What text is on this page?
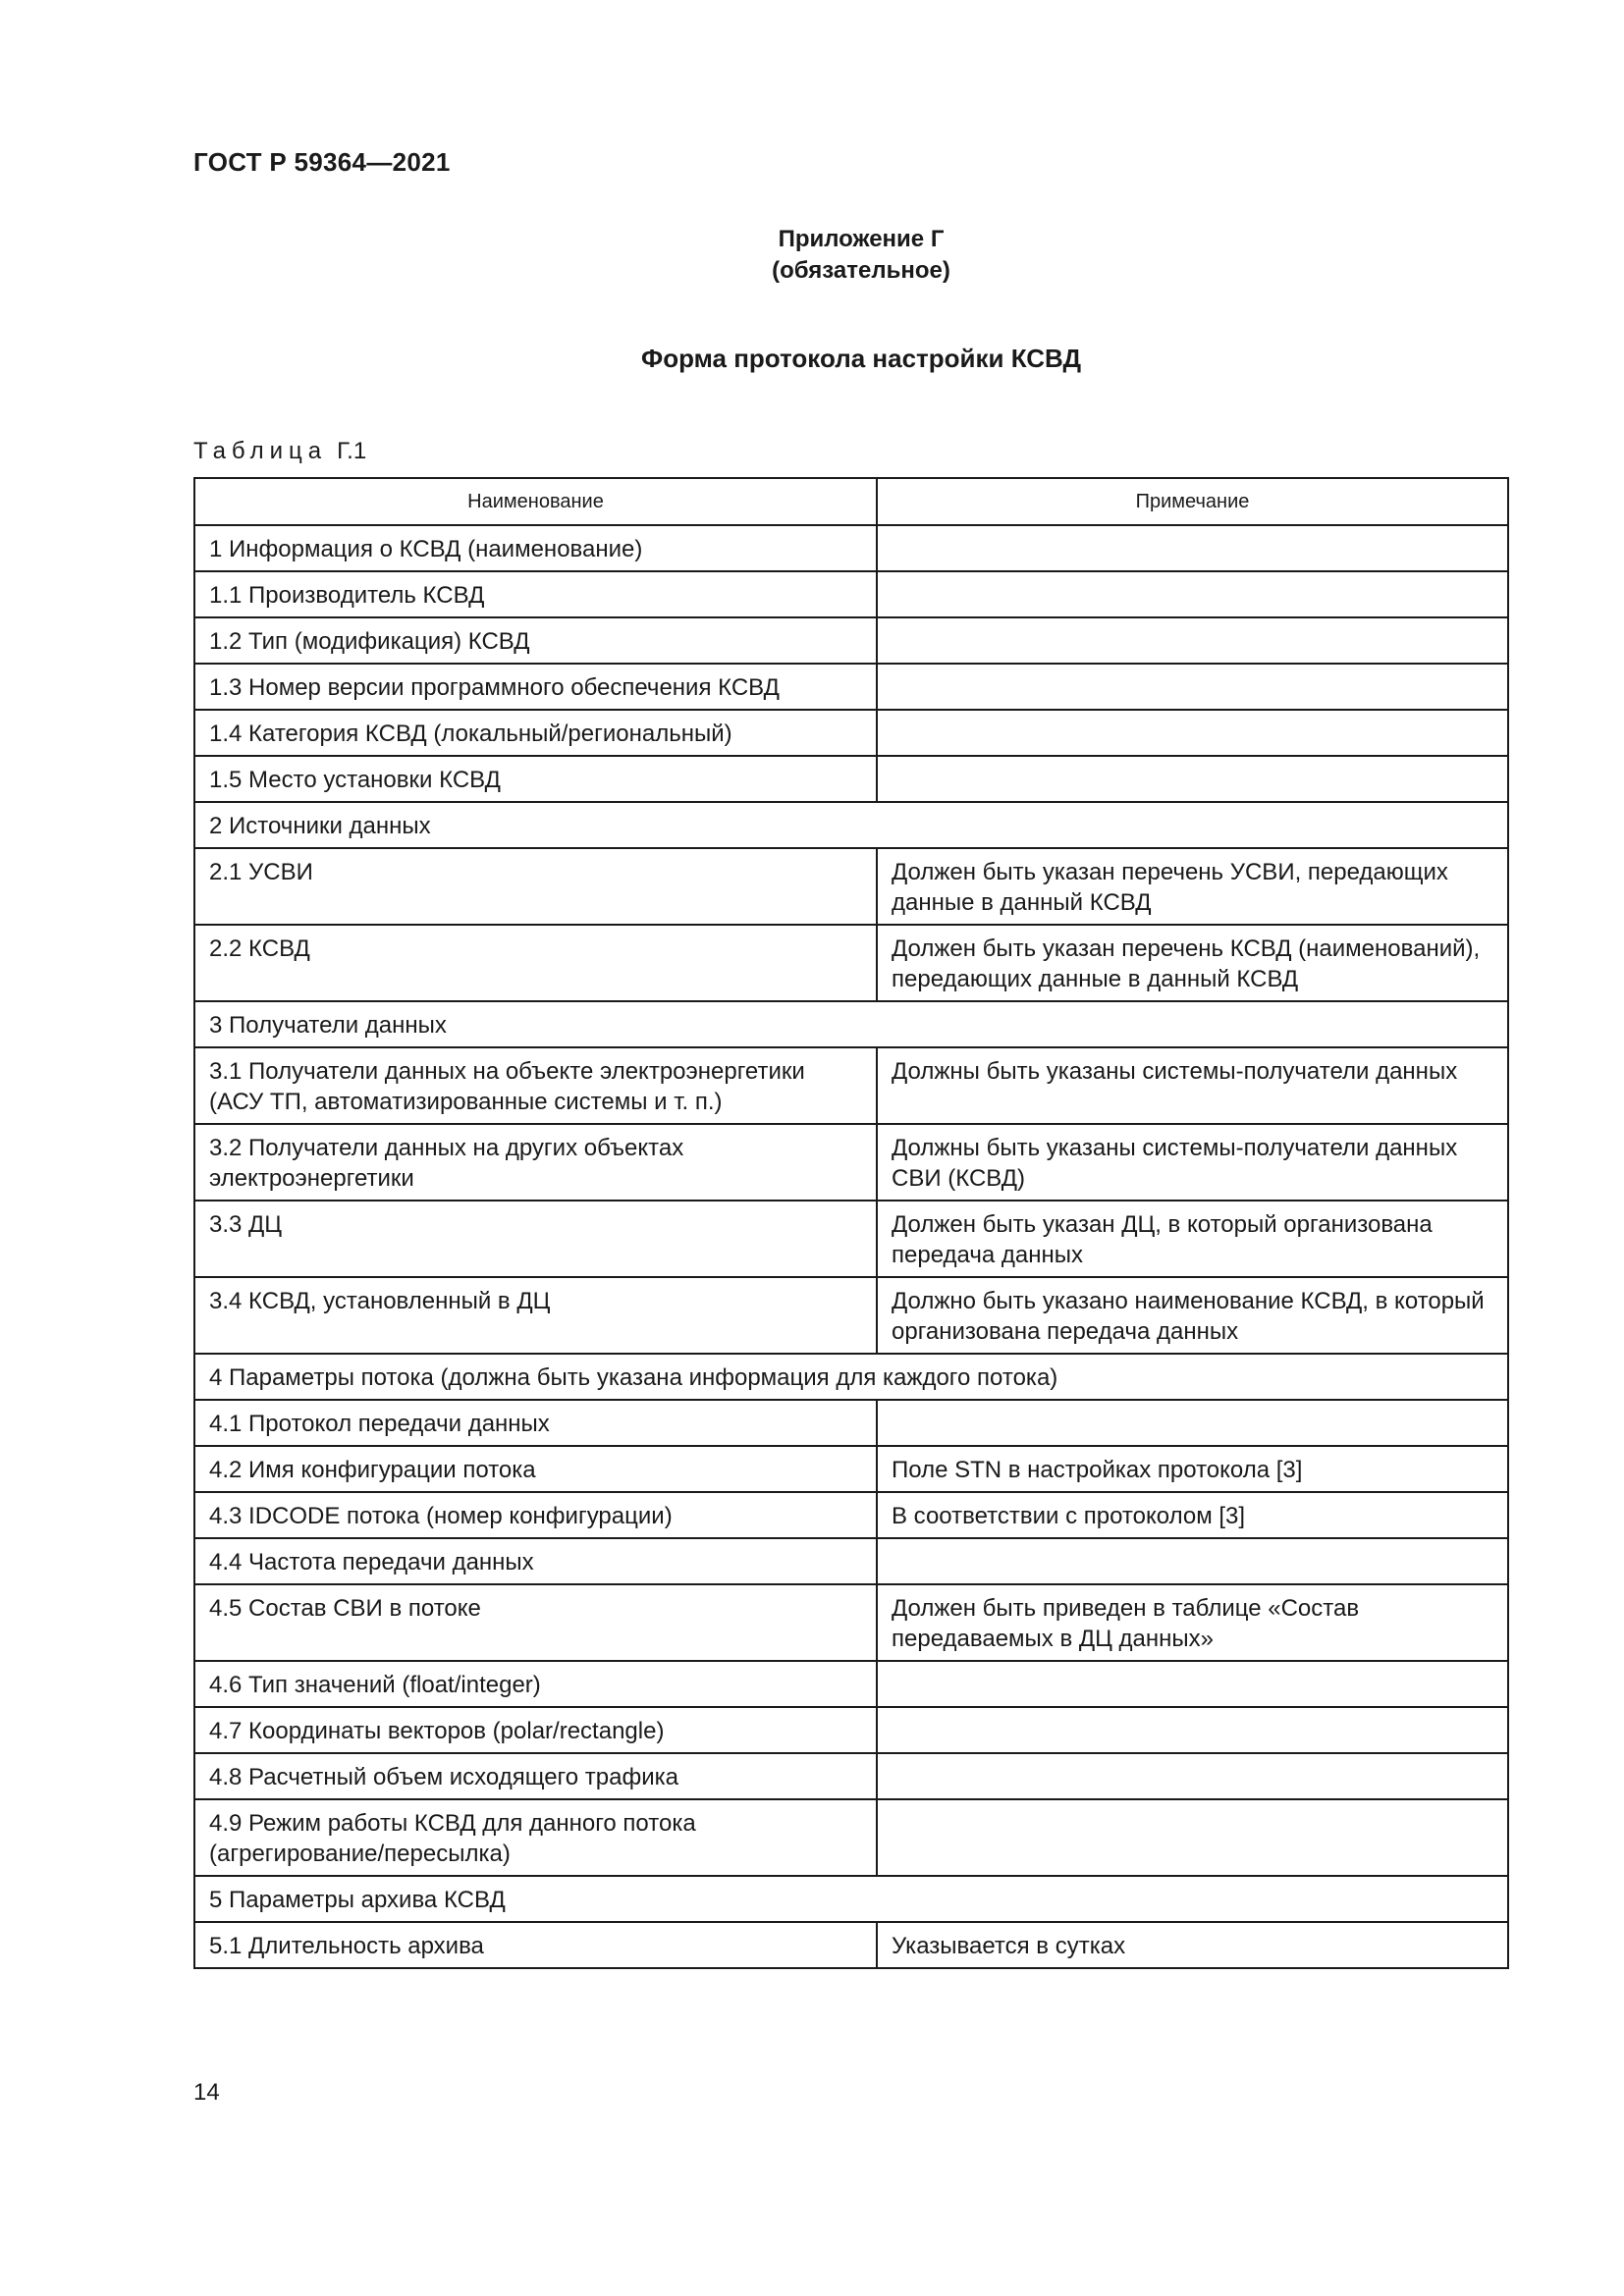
ГОСТ Р 59364—2021
Приложение Г
(обязательное)
Форма протокола настройки КСВД
Таблица Г.1
Наименование	Примечание
1 Информация о КСВД (наименование)	
1.1 Производитель КСВД	
1.2 Тип (модификация) КСВД	
1.3 Номер версии программного обеспечения КСВД	
1.4 Категория КСВД (локальный/региональный)	
1.5 Место установки КСВД	
2 Источники данных	
2.1 УСВИ	Должен быть указан перечень УСВИ, передающих данные в данный КСВД
2.2 КСВД	Должен быть указан перечень КСВД (наименований), передающих данные в данный КСВД
3 Получатели данных	
3.1 Получатели данных на объекте электроэнергетики (АСУ ТП, автоматизированные системы и т. п.)	Должны быть указаны системы-получатели данных
3.2 Получатели данных на других объектах электроэнергетики	Должны быть указаны системы-получатели данных СВИ (КСВД)
3.3 ДЦ	Должен быть указан ДЦ, в который организована передача данных
3.4 КСВД, установленный в ДЦ	Должно быть указано наименование КСВД, в который организована передача данных
4 Параметры потока (должна быть указана информация для каждого потока)	
4.1 Протокол передачи данных	
4.2 Имя конфигурации потока	Поле STN в настройках протокола [3]
4.3 IDCODE потока (номер конфигурации)	В соответствии с протоколом [3]
4.4 Частота передачи данных	
4.5 Состав СВИ в потоке	Должен быть приведен в таблице «Состав передаваемых в ДЦ данных»
4.6 Тип значений (float/integer)	
4.7 Координаты векторов (polar/rectangle)	
4.8 Расчетный объем исходящего трафика	
4.9 Режим работы КСВД для данного потока (агрегирование/пересылка)	
5 Параметры архива КСВД	
5.1 Длительность архива	Указывается в сутках
14
